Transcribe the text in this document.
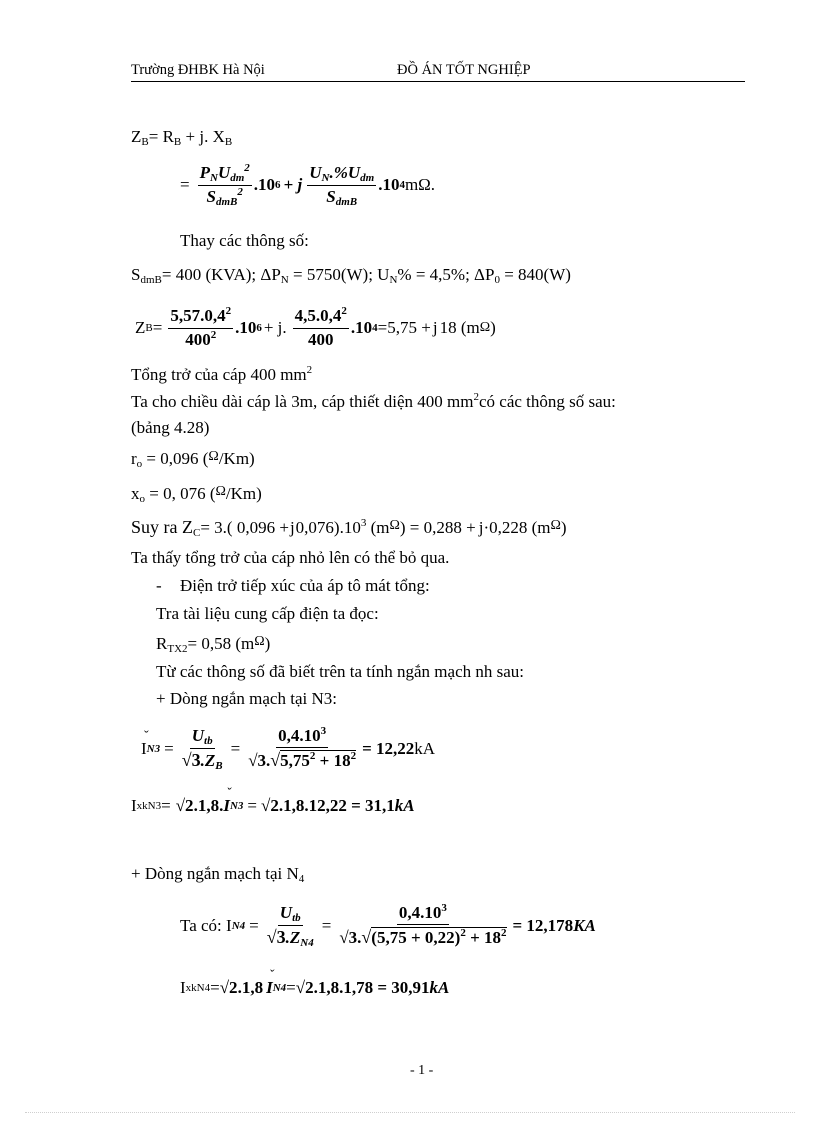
Trường ĐHBK Hà Nội	ĐỒ ÁN TỐT NGHIỆP
$Z_B= R_B + j$. $X_B$
= $\frac{P_NU_{dm}^2}{S_{dmB}^2} .10$ 6 + j $\frac{U_N.\%U_{dm}}{S_{dmB}} .10$ 4 mΩ.
Thay các thông số:
$S_{dmB}= 400$ (KVA); $\Delta P_N = 5750(W)$; $U_N\% = 4,5\%$; $\Delta P_0 = 840(W)$
Z $B = \frac{5,57.0,4^2}{400^2} .10$ 6 + j. $\frac{4,5.0,4^2}{400} .10$ 4 =5,75 + j 18 (m Ω )
Tổng trở của cáp 400 $mm^2$
Ta cho chiều dài cáp là 3m, cáp thiết diện 400 $mm^2có$ các thông số sau:
(bảng 4.28)
$r_o = 0,096$ ($^\Omega$/Km)
$x_o = 0$, 076 ($^\Omega$/Km)
Suy ra $Z_C= 3$.( $0,096 +j0,076).10^3$ $(m^\Omega) = 0,288 + j\cdot 0,228$ $(m^\Omega)$
Ta thấy tổng trở của cáp nhỏ lên có thể bỏ qua.
- Điện trở tiếp xúc của áp tô mát tổng:
Tra tài liệu cung cấp điện ta đọc:
$R_{TX2}= 0,58$ $(m^\Omega)$
Từ các thông số đã biết trên ta tính ngắn mạch nh sau:
+ Dòng ngắn mạch tại N3:
ˇ I $N3 = \frac{U_{tb}}{√3.Z_B} = \frac{0,4.10^3}{√3.√5,75^2 + 18^2} = 12,22$ kA
I xkN3 = √2 .1,8. ˇ I N3 = √2 .1,8.12,22 = 31,1 kA
+ Dòng ngắn mạch tại $N_4$
Ta có: I $N4 = \frac{U_{tb}}{√3.Z_{N4}} = \frac{0,4.10^3}{√3.√(5,75 + 0,22)^2 + 18^2} = 12,178$ KA
I xkN4 = √2 .1,8 ˇ I N4 = √2 .1,8.1,78 = 30,91 kA
- 1 -
